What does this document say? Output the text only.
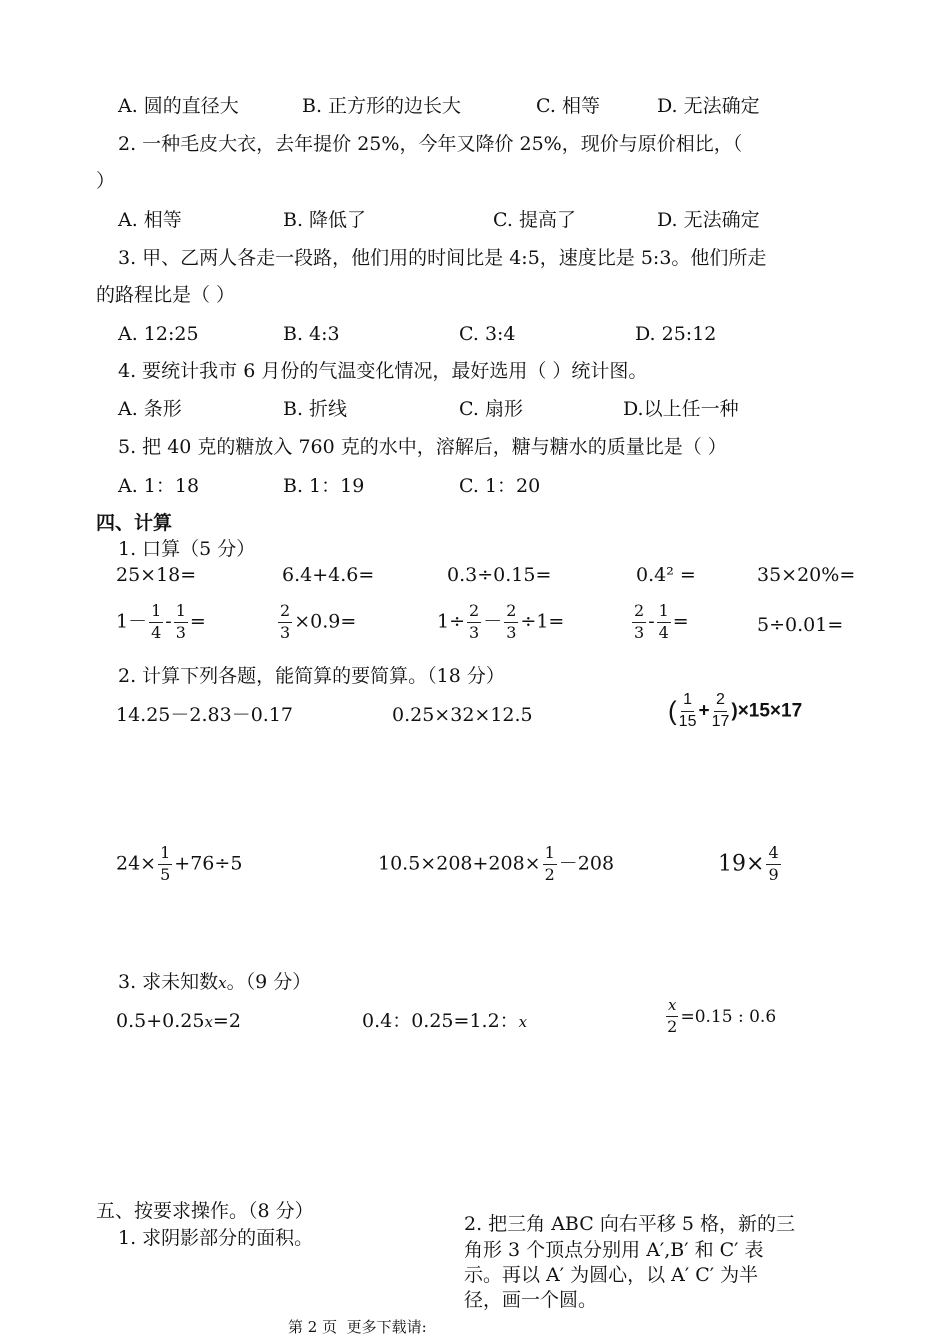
A. 圆的直径大	B. 正方形的边长大	C. 相等	D. 无法确定
2. 一种毛皮大衣，去年提价 25%，今年又降价 25%，现价与原价相比，（
）
A. 相等	B. 降低了	C. 提高了	D. 无法确定
3. 甲、乙两人各走一段路，他们用的时间比是 4:5，速度比是 5:3。他们所走
的路程比是（ ）
A. 12:25	B. 4:3	C. 3:4	D. 25:12
4. 要统计我市 6 月份的气温变化情况，最好选用（ ）统计图。
A. 条形	B. 折线	C. 扇形	D.以上任一种
5. 把 40 克的糖放入 760 克的水中，溶解后，糖与糖水的质量比是（ ）
A. 1：18	B. 1：19	C. 1：20
四、计算
1. 口算（5 分）
25×18=	6.4+4.6=	0.3÷0.15=	0.4² =	35×20%=
$1- \frac{1}{4} - \frac{1}{3}$ =	$\frac{2}{3} \times 0.9=$	$1\div \frac{2}{3} - \frac{2}{3} \div 1=$	$\frac{2}{3} - \frac{1}{4}$ =	5÷0.01=
2. 计算下列各题，能简算的要简算。（18 分）
14.25－2.83－0.17	0.25×32×12.5	( $\frac{1}{15} + \frac{2}{17} )\times 15\times 17$
$24\times \frac{1}{5} +76\div 5$	$10.5\times 208+208\times \frac{1}{2} -208$	$19\times \frac{4}{9}$
3. 求未知数x。（9 分）
0.5+0.25x=2	0.4：0.25=1.2：x	$\frac{x}{2} =0.15$ : 0.6
五、按要求操作。（8 分）
1. 求阴影部分的面积。
2. 把三角 ABC 向右平移 5 格，新的三
角形 3 个顶点分别用 A′,B′ 和 C′ 表
示。再以 A′ 为圆心，以 A′ C′ 为半
径，画一个圆。
第 2 页 更多下载请:
